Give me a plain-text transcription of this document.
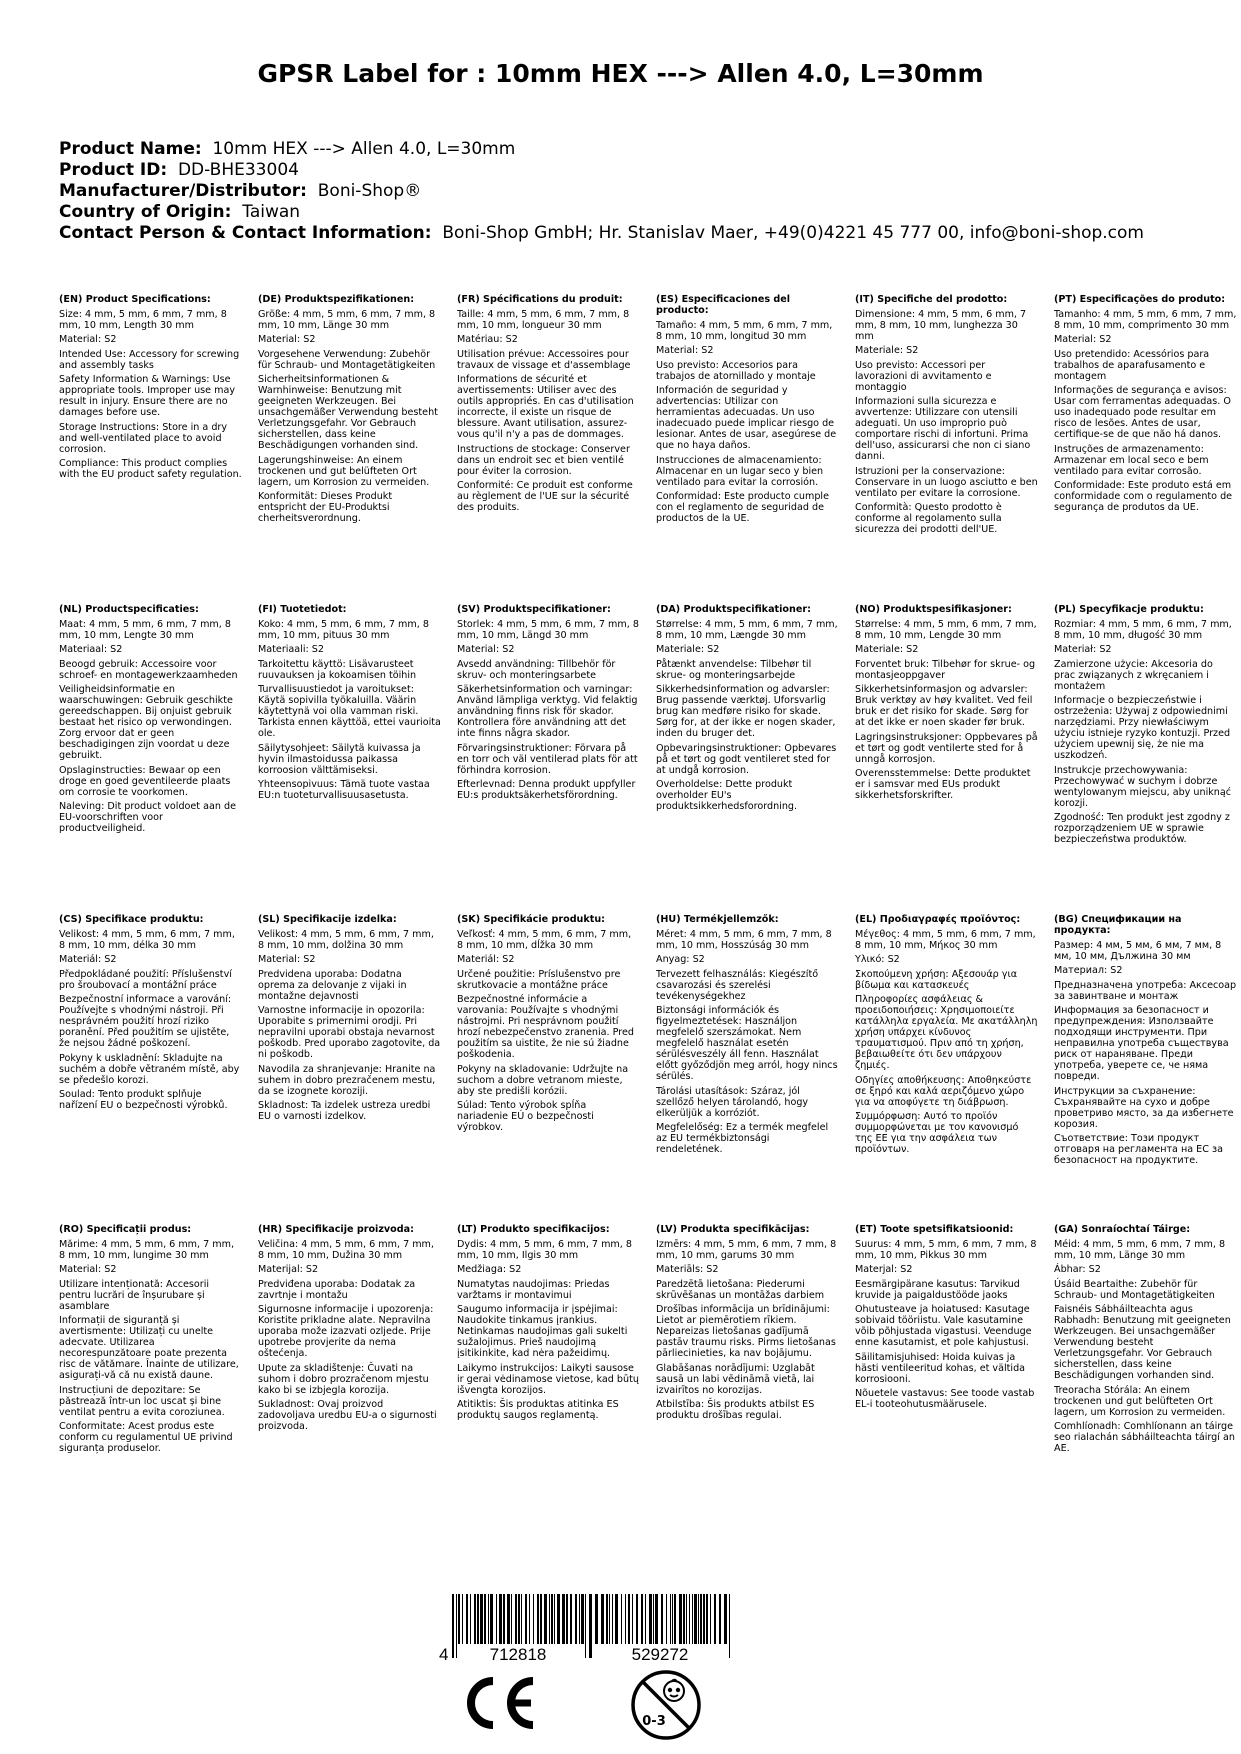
GPSR Label for : 10mm HEX ---> Allen 4.0, L=30mm
Product Name: 10mm HEX ---> Allen 4.0, L=30mm
Product ID: DD-BHE33004
Manufacturer/Distributor: Boni-Shop®
Country of Origin: Taiwan
Contact Person & Contact Information: Boni-Shop GmbH; Hr. Stanislav Maer, +49(0)4221 45 777 00, info@boni-shop.com

(EN) Product Specifications:

Size: 4 mm, 5 mm, 6 mm, 7 mm, 8 mm, 10 mm, Length 30 mm

Material: S2

Intended Use: Accessory for screwing and assembly tasks

Safety Information & Warnings: Use appropriate tools. Improper use may result in injury. Ensure there are no damages before use.

Storage Instructions: Store in a dry and well-ventilated place to avoid corrosion.

Compliance: This product complies with the EU product safety regulation.

(DE) Produktspezifikationen:

Größe: 4 mm, 5 mm, 6 mm, 7 mm, 8 mm, 10 mm, Länge 30 mm

Material: S2

Vorgesehene Verwendung: Zubehör für Schraub- und Montagetätigkeiten

Sicherheitsinformationen & Warnhinweise: Benutzung mit geeigneten Werkzeugen. Bei unsachgemäßer Verwendung besteht Verletzungsgefahr. Vor Gebrauch sicherstellen, dass keine Beschädigungen vorhanden sind.

Lagerungshinweise: An einem trockenen und gut belüfteten Ort lagern, um Korrosion zu vermeiden.

Konformität: Dieses Produkt entspricht der EU-Produktsi cherheitsverordnung.

(FR) Spécifications du produit:

Taille: 4 mm, 5 mm, 6 mm, 7 mm, 8 mm, 10 mm, longueur 30 mm

Matériau: S2

Utilisation prévue: Accessoires pour travaux de vissage et d'assemblage

Informations de sécurité et avertissements: Utiliser avec des outils appropriés. En cas d'utilisation incorrecte, il existe un risque de blessure. Avant utilisation, assurez-vous qu'il n'y a pas de dommages.

Instructions de stockage: Conserver dans un endroit sec et bien ventilé pour éviter la corrosion.

Conformité: Ce produit est conforme au règlement de l'UE sur la sécurité des produits.

(ES) Especificaciones del producto:

Tamaño: 4 mm, 5 mm, 6 mm, 7 mm, 8 mm, 10 mm, longitud 30 mm

Material: S2

Uso previsto: Accesorios para trabajos de atornillado y montaje

Información de seguridad y advertencias: Utilizar con herramientas adecuadas. Un uso inadecuado puede implicar riesgo de lesionar. Antes de usar, asegúrese de que no haya daños.

Instrucciones de almacenamiento: Almacenar en un lugar seco y bien ventilado para evitar la corrosión.

Conformidad: Este producto cumple con el reglamento de seguridad de productos de la UE.

(IT) Specifiche del prodotto:

Dimensione: 4 mm, 5 mm, 6 mm, 7 mm, 8 mm, 10 mm, lunghezza 30 mm

Materiale: S2

Uso previsto: Accessori per lavorazioni di avvitamento e montaggio

Informazioni sulla sicurezza e avvertenze: Utilizzare con utensili adeguati. Un uso improprio può comportare rischi di infortuni. Prima dell'uso, assicurarsi che non ci siano danni.

Istruzioni per la conservazione: Conservare in un luogo asciutto e ben ventilato per evitare la corrosione.

Conformità: Questo prodotto è conforme al regolamento sulla sicurezza dei prodotti dell'UE.

(PT) Especificações do produto:

Tamanho: 4 mm, 5 mm, 6 mm, 7 mm, 8 mm, 10 mm, comprimento 30 mm

Material: S2

Uso pretendido: Acessórios para trabalhos de aparafusamento e montagem

Informações de segurança e avisos: Usar com ferramentas adequadas. O uso inadequado pode resultar em risco de lesões. Antes de usar, certifique-se de que não há danos.

Instruções de armazenamento: Armazenar em local seco e bem ventilado para evitar corrosão.

Conformidade: Este produto está em conformidade com o regulamento de segurança de produtos da UE.

(NL) Productspecificaties:

Maat: 4 mm, 5 mm, 6 mm, 7 mm, 8 mm, 10 mm, Lengte 30 mm

Materiaal: S2

Beoogd gebruik: Accessoire voor schroef- en montagewerkzaamheden

Veiligheidsinformatie en waarschuwingen: Gebruik geschikte gereedschappen. Bij onjuist gebruik bestaat het risico op verwondingen. Zorg ervoor dat er geen beschadigingen zijn voordat u deze gebruikt.

Opslaginstructies: Bewaar op een droge en goed geventileerde plaats om corrosie te voorkomen.

Naleving: Dit product voldoet aan de EU-voorschriften voor productveiligheid.

(FI) Tuotetiedot:

Koko: 4 mm, 5 mm, 6 mm, 7 mm, 8 mm, 10 mm, pituus 30 mm

Materiaali: S2

Tarkoitettu käyttö: Lisävarusteet ruuvauksen ja kokoamisen töihin

Turvallisuustiedot ja varoitukset: Käytä sopivilla työkaluilla. Väärin käytettynä voi olla vamman riski. Tarkista ennen käyttöä, ettei vaurioita ole.

Säilytysohjeet: Säilytä kuivassa ja hyvin ilmastoidussa paikassa korroosion välttämiseksi.

Yhteensopivuus: Tämä tuote vastaa EU:n tuoteturvallisuusasetusta.

(SV) Produktspecifikationer:

Storlek: 4 mm, 5 mm, 6 mm, 7 mm, 8 mm, 10 mm, Längd 30 mm

Material: S2

Avsedd användning: Tillbehör för skruv- och monteringsarbete

Säkerhetsinformation och varningar: Använd lämpliga verktyg. Vid felaktig användning finns risk för skador. Kontrollera före användning att det inte finns några skador.

Förvaringsinstruktioner: Förvara på en torr och väl ventilerad plats för att förhindra korrosion.

Efterlevnad: Denna produkt uppfyller EU:s produktsäkerhetsförordning.

(DA) Produktspecifikationer:

Størrelse: 4 mm, 5 mm, 6 mm, 7 mm, 8 mm, 10 mm, Længde 30 mm

Materiale: S2

Påtænkt anvendelse: Tilbehør til skrue- og monteringsarbejde

Sikkerhedsinformation og advarsler: Brug passende værktøj. Uforsvarlig brug kan medføre risiko for skade. Sørg for, at der ikke er nogen skader, inden du bruger det.

Opbevaringsinstruktioner: Opbevares på et tørt og godt ventileret sted for at undgå korrosion.

Overholdelse: Dette produkt overholder EU's produktsikkerhedsforordning.

(NO) Produktspesifikasjoner:

Størrelse: 4 mm, 5 mm, 6 mm, 7 mm, 8 mm, 10 mm, Lengde 30 mm

Materiale: S2

Forventet bruk: Tilbehør for skrue- og montasjeoppgaver

Sikkerhetsinformasjon og advarsler: Bruk verktøy av høy kvalitet. Ved feil bruk er det risiko for skade. Sørg for at det ikke er noen skader før bruk.

Lagringsinstruksjoner: Oppbevares på et tørt og godt ventilerte sted for å unngå korrosjon.

Overensstemmelse: Dette produktet er i samsvar med EUs produkt sikkerhetsforskrifter.

(PL) Specyfikacje produktu:

Rozmiar: 4 mm, 5 mm, 6 mm, 7 mm, 8 mm, 10 mm, długość 30 mm

Materiał: S2

Zamierzone użycie: Akcesoria do prac związanych z wkręcaniem i montażem

Informacje o bezpieczeństwie i ostrzeżenia: Używaj z odpowiednimi narzędziami. Przy niewłaściwym użyciu istnieje ryzyko kontuzji. Przed użyciem upewnij się, że nie ma uszkodzeń.

Instrukcje przechowywania: Przechowywać w suchym i dobrze wentylowanym miejscu, aby uniknąć korozji.

Zgodność: Ten produkt jest zgodny z rozporządzeniem UE w sprawie bezpieczeństwa produktów.

(CS) Specifikace produktu:

Velikost: 4 mm, 5 mm, 6 mm, 7 mm, 8 mm, 10 mm, délka 30 mm

Materiál: S2

Předpokládané použití: Příslušenství pro šroubovací a montážní práce

Bezpečnostní informace a varování: Používejte s vhodnými nástroji. Při nesprávném použití hrozí riziko poranění. Před použitím se ujistěte, že nejsou žádné poškození.

Pokyny k uskladnění: Skladujte na suchém a dobře větraném místě, aby se předešlo korozi.

Soulad: Tento produkt splňuje nařízení EU o bezpečnosti výrobků.

(SL) Specifikacije izdelka:

Velikost: 4 mm, 5 mm, 6 mm, 7 mm, 8 mm, 10 mm, dolžina 30 mm

Material: S2

Predvidena uporaba: Dodatna oprema za delovanje z vijaki in montažne dejavnosti

Varnostne informacije in opozorila: Uporabite s primernimi orodji. Pri nepravilni uporabi obstaja nevarnost poškodb. Pred uporabo zagotovite, da ni poškodb.

Navodila za shranjevanje: Hranite na suhem in dobro prezračenem mestu, da se izognete koroziji.

Skladnost: Ta izdelek ustreza uredbi EU o varnosti izdelkov.

(SK) Špecifikácie produktu:

Veľkosť: 4 mm, 5 mm, 6 mm, 7 mm, 8 mm, 10 mm, dĺžka 30 mm

Materiál: S2

Určené použitie: Príslušenstvo pre skrutkovacie a montážne práce

Bezpečnostné informácie a varovania: Používajte s vhodnými nástrojmi. Pri nesprávnom použití hrozí nebezpečenstvo zranenia. Pred použitím sa uistite, že nie sú žiadne poškodenia.

Pokyny na skladovanie: Udržujte na suchom a dobre vetranom mieste, aby ste predišli korózii.

Súlad: Tento výrobok spĺňa nariadenie EÚ o bezpečnosti výrobkov.

(HU) Termékjellemzők:

Méret: 4 mm, 5 mm, 6 mm, 7 mm, 8 mm, 10 mm, Hosszúság 30 mm

Anyag: S2

Tervezett felhasználás: Kiegészítő csavarozási és szerelési tevékenységekhez

Biztonsági információk és figyelmeztetések: Használjon megfelelő szerszámokat. Nem megfelelő használat esetén sérülésveszély áll fenn. Használat előtt győződjön meg arról, hogy nincs sérülés.

Tárolási utasítások: Száraz, jól szellőző helyen tárolandó, hogy elkerüljük a korróziót.

Megfelelőség: Ez a termék megfelel az EU termékbiztonsági rendeletének.

(EL) Προδιαγραφές προϊόντος:

Μέγεθος: 4 mm, 5 mm, 6 mm, 7 mm, 8 mm, 10 mm, Μήκος 30 mm

Υλικό: S2

Σκοπούμενη χρήση: Αξεσουάρ για βίδωμα και κατασκευές

Πληροφορίες ασφάλειας & προειδοποιήσεις: Χρησιμοποιείτε κατάλληλα εργαλεία. Με ακατάλληλη χρήση υπάρχει κίνδυνος τραυματισμού. Πριν από τη χρήση, βεβαιωθείτε ότι δεν υπάρχουν ζημιές.

Οδηγίες αποθήκευσης: Αποθηκεύστε σε ξηρό και καλά αεριζόμενο χώρο για να αποφύγετε τη διάβρωση.

Συμμόρφωση: Αυτό το προϊόν συμμορφώνεται με τον κανονισμό της ΕΕ για την ασφάλεια των προϊόντων.

(BG) Спецификации на продукта:

Размер: 4 мм, 5 мм, 6 мм, 7 мм, 8 мм, 10 мм, Дължина 30 мм

Материал: S2

Предназначена употреба: Аксесоар за завинтване и монтаж

Информация за безопасност и предупреждения: Използвайте подходящи инструменти. При неправилна употреба съществува риск от нараняване. Преди употреба, уверете се, че няма повреди.

Инструкции за съхранение: Съхранявайте на сухо и добре проветриво място, за да избегнете корозия.

Съответствие: Този продукт отговаря на регламента на ЕС за безопасност на продуктите.

(RO) Specificații produs:

Mărime: 4 mm, 5 mm, 6 mm, 7 mm, 8 mm, 10 mm, lungime 30 mm

Material: S2

Utilizare intenționată: Accesorii pentru lucrări de înșurubare și asamblare

Informații de siguranță și avertismente: Utilizați cu unelte adecvate. Utilizarea necorespunzătoare poate prezenta risc de vătămare. Înainte de utilizare, asigurați-vă că nu există daune.

Instrucțiuni de depozitare: Se păstrează într-un loc uscat și bine ventilat pentru a evita coroziunea.

Conformitate: Acest produs este conform cu regulamentul UE privind siguranța produselor.

(HR) Specifikacije proizvoda:

Veličina: 4 mm, 5 mm, 6 mm, 7 mm, 8 mm, 10 mm, Dužina 30 mm

Materijal: S2

Predviđena uporaba: Dodatak za zavrtnje i montažu

Sigurnosne informacije i upozorenja: Koristite prikladne alate. Nepravilna uporaba može izazvati ozljede. Prije upotrebe provjerite da nema oštećenja.

Upute za skladištenje: Čuvati na suhom i dobro prozračenom mjestu kako bi se izbjegla korozija.

Sukladnost: Ovaj proizvod zadovoljava uredbu EU-a o sigurnosti proizvoda.

(LT) Produkto specifikacijos:

Dydis: 4 mm, 5 mm, 6 mm, 7 mm, 8 mm, 10 mm, Ilgis 30 mm

Medžiaga: S2

Numatytas naudojimas: Priedas varžtams ir montavimui

Saugumo informacija ir įspėjimai: Naudokite tinkamus įrankius. Netinkamas naudojimas gali sukelti sužalojimus. Prieš naudojimą įsitikinkite, kad nėra pažeidimų.

Laikymo instrukcijos: Laikyti sausose ir gerai vėdinamose vietose, kad būtų išvengta korozijos.

Atitiktis: Šis produktas atitinka ES produktų saugos reglamentą.

(LV) Produkta specifikācijas:

Izmērs: 4 mm, 5 mm, 6 mm, 7 mm, 8 mm, 10 mm, garums 30 mm

Materiāls: S2

Paredzētā lietošana: Piederumi skrūvēšanas un montāžas darbiem

Drošības informācija un brīdinājumi: Lietot ar piemērotiem rīkiem. Nepareizas lietošanas gadījumā pastāv traumu risks. Pirms lietošanas pārliecinieties, ka nav bojājumu.

Glabāšanas norādījumi: Uzglabāt sausā un labi vēdināmā vietā, lai izvairītos no korozijas.

Atbilstība: Šis produkts atbilst ES produktu drošības regulai.

(ET) Toote spetsifikatsioonid:

Suurus: 4 mm, 5 mm, 6 mm, 7 mm, 8 mm, 10 mm, Pikkus 30 mm

Materjal: S2

Eesmärgipärane kasutus: Tarvikud kruvide ja paigaldustööde jaoks

Ohutusteave ja hoiatused: Kasutage sobivaid tööriistu. Vale kasutamine võib põhjustada vigastusi. Veenduge enne kasutamist, et pole kahjustusi.

Säilitamisjuhised: Hoida kuivas ja hästi ventileeritud kohas, et vältida korrosiooni.

Nõuetele vastavus: See toode vastab EL-i tooteohutusmäärusele.

(GA) Sonraíochtaí Táirge:

Méid: 4 mm, 5 mm, 6 mm, 7 mm, 8 mm, 10 mm, Länge 30 mm

Ábhar: S2

Úsáid Beartaithe: Zubehör für Schraub- und Montagetätigkeiten

Faisnéis Sábháilteachta agus Rabhadh: Benutzung mit geeigneten Werkzeugen. Bei unsachgemäßer Verwendung besteht Verletzungsgefahr. Vor Gebrauch sicherstellen, dass keine Beschädigungen vorhanden sind.

Treoracha Stórála: An einem trockenen und gut belüfteten Ort lagern, um Korrosion zu vermeiden.

Comhlíonadh: Comhlíonann an táirge seo rialachán sábháilteachta táirgí an AE.

4 712818	529272
0-3
